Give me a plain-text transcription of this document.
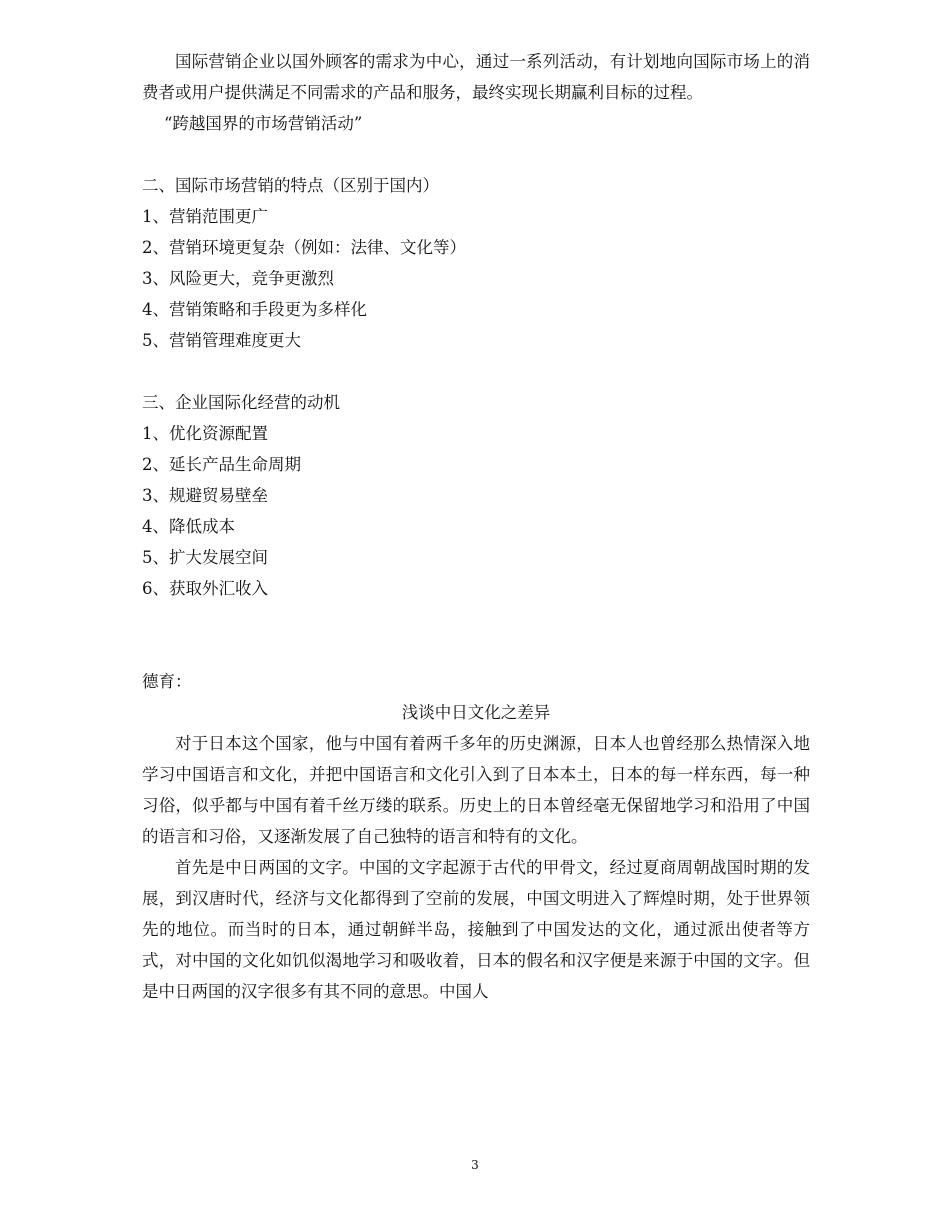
国际营销企业以国外顾客的需求为中心，通过一系列活动，有计划地向国际市场上的消费者或用户提供满足不同需求的产品和服务，最终实现长期赢利目标的过程。

“跨越国界的市场营销活动”

二、国际市场营销的特点（区别于国内）

1、营销范围更广

2、营销环境更复杂（例如：法律、文化等）

3、风险更大，竞争更激烈

4、营销策略和手段更为多样化

5、营销管理难度更大

三、企业国际化经营的动机

1、优化资源配置

2、延长产品生命周期

3、规避贸易壁垒

4、降低成本

5、扩大发展空间

6、获取外汇收入

德育：

浅谈中日文化之差异

对于日本这个国家，他与中国有着两千多年的历史渊源，日本人也曾经那么热情深入地学习中国语言和文化，并把中国语言和文化引入到了日本本土，日本的每一样东西，每一种习俗，似乎都与中国有着千丝万缕的联系。历史上的日本曾经毫无保留地学习和沿用了中国的语言和习俗，又逐渐发展了自己独特的语言和特有的文化。

首先是中日两国的文字。中国的文字起源于古代的甲骨文，经过夏商周朝战国时期的发展，到汉唐时代，经济与文化都得到了空前的发展，中国文明进入了辉煌时期，处于世界领先的地位。而当时的日本，通过朝鲜半岛，接触到了中国发达的文化，通过派出使者等方式，对中国的文化如饥似渴地学习和吸收着，日本的假名和汉字便是来源于中国的文字。但是中日两国的汉字很多有其不同的意思。中国人

3
